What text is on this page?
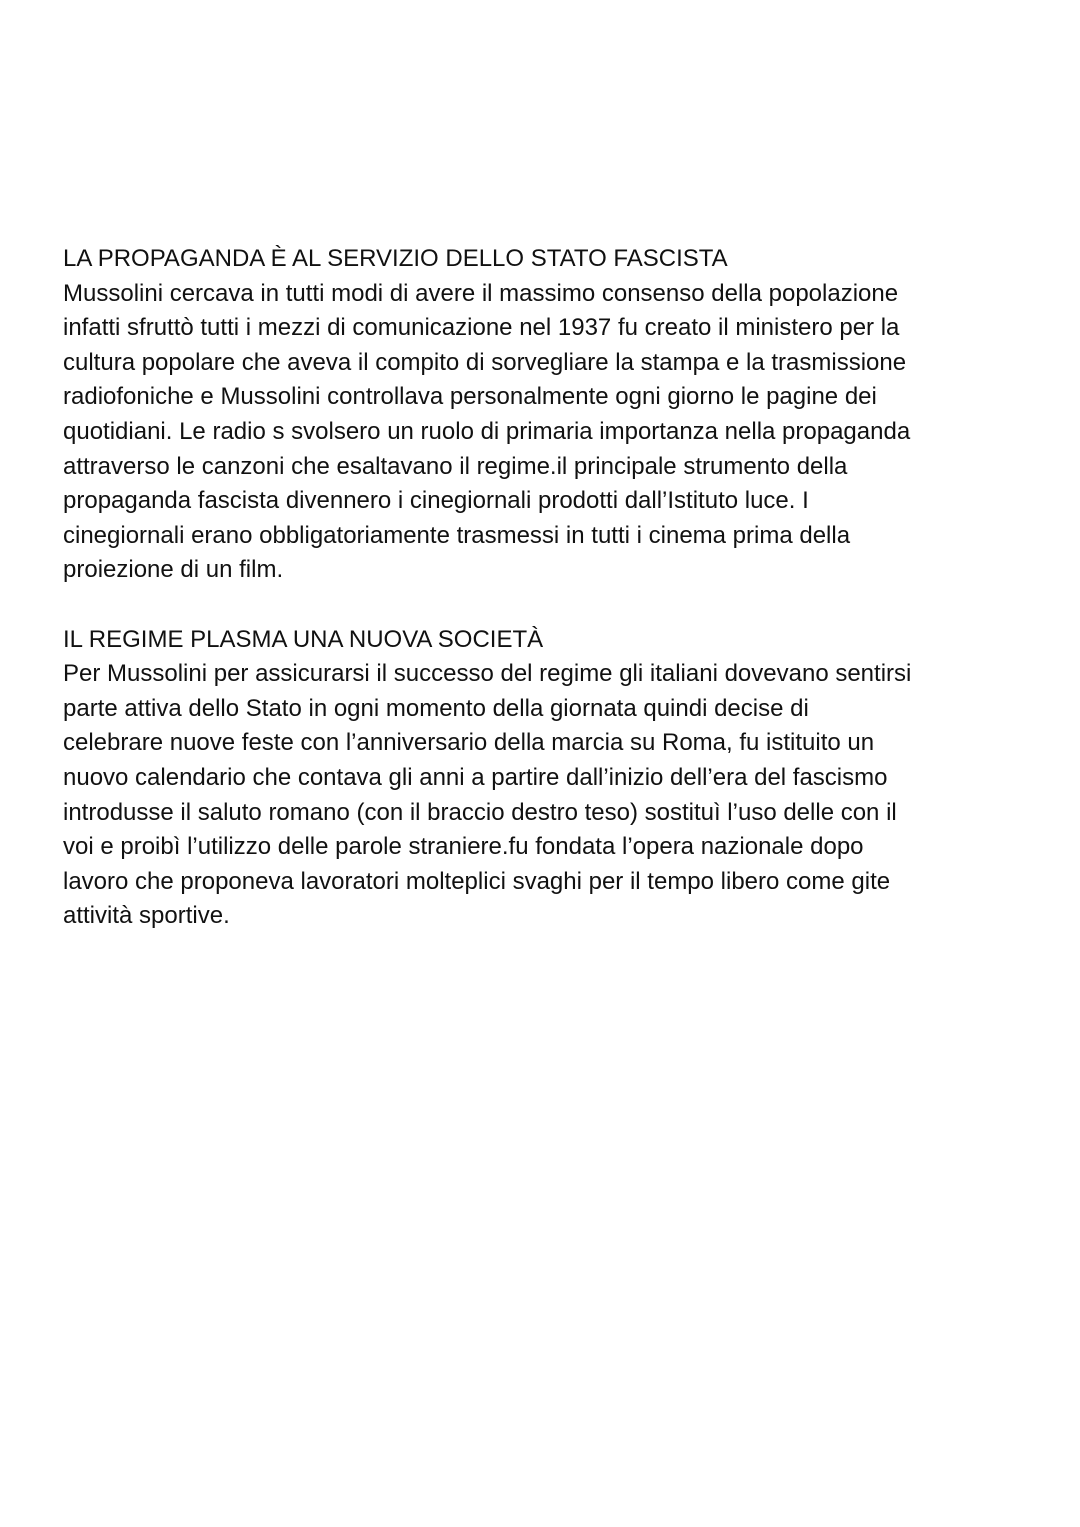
LA PROPAGANDA È AL SERVIZIO DELLO STATO FASCISTA
Mussolini cercava in tutti modi di avere il massimo consenso della popolazione
infatti sfruttò tutti i mezzi di comunicazione nel 1937 fu creato il ministero per la
cultura popolare che aveva il compito di sorvegliare la stampa e la trasmissione
radiofoniche e Mussolini controllava personalmente ogni giorno le pagine dei
quotidiani. Le radio s svolsero un ruolo di primaria importanza nella propaganda
attraverso le canzoni che esaltavano il regime.il principale strumento della
propaganda fascista divennero i cinegiornali prodotti dall’Istituto luce. I
cinegiornali erano obbligatoriamente trasmessi in tutti i cinema prima della
proiezione di un film.
IL REGIME PLASMA UNA NUOVA SOCIETÀ
Per Mussolini per assicurarsi il successo del regime gli italiani dovevano sentirsi
parte attiva dello Stato in ogni momento della giornata quindi decise di
celebrare nuove feste con l’anniversario della marcia su Roma, fu istituito un
nuovo calendario che contava gli anni a partire dall’inizio dell’era del fascismo
introdusse il saluto romano (con il braccio destro teso) sostituì l’uso delle con il
voi e proibì l’utilizzo delle parole straniere.fu fondata l’opera nazionale dopo
lavoro che proponeva lavoratori molteplici svaghi per il tempo libero come gite
attività sportive.
